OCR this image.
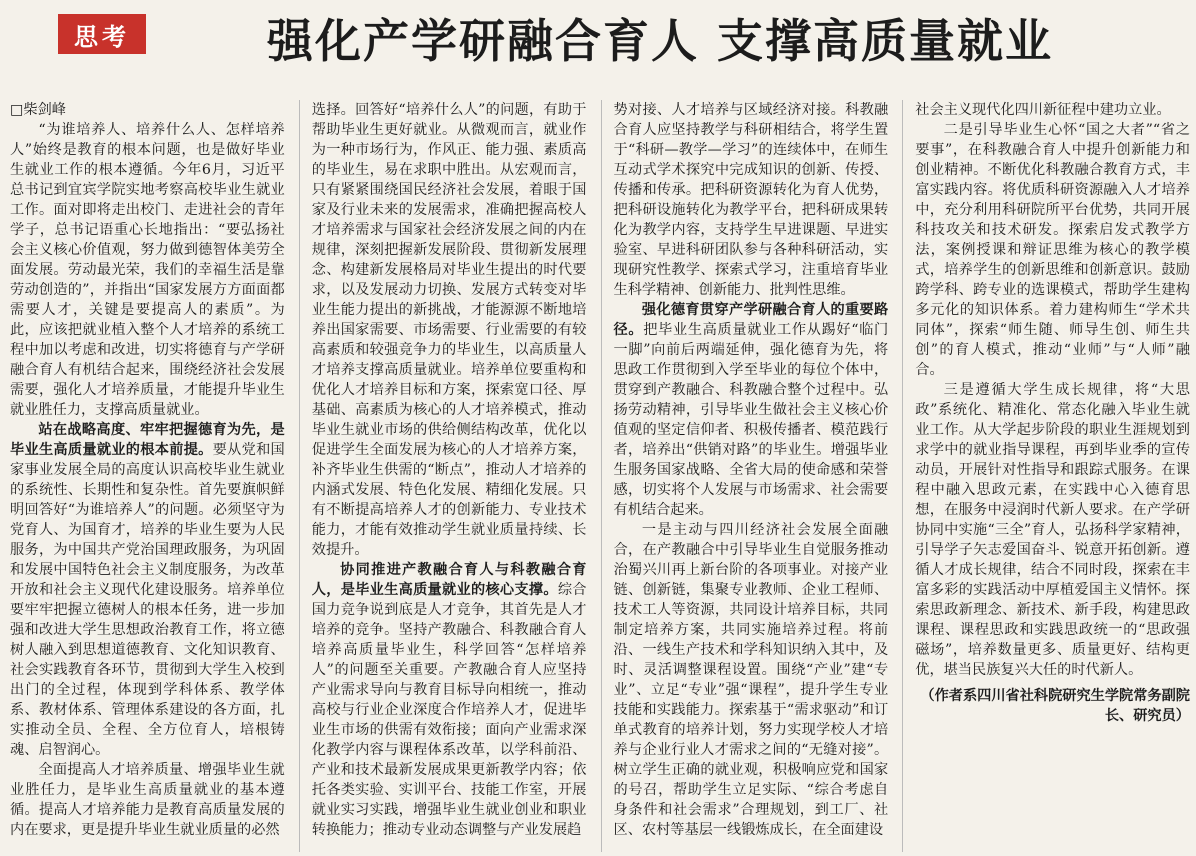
思考	强化产学研融合育人 支撑高质量就业

□柴剑峰

“为谁培养人、培养什么人、怎样培养人”始终是教育的根本问题，也是做好毕业生就业工作的根本遵循。今年6月，习近平总书记到宜宾学院实地考察高校毕业生就业工作。面对即将走出校门、走进社会的青年学子，总书记语重心长地指出：“要弘扬社会主义核心价值观，努力做到德智体美劳全面发展。劳动最光荣，我们的幸福生活是靠劳动创造的”，并指出“国家发展方方面面都需要人才，关键是要提高人的素质”。为此，应该把就业植入整个人才培养的系统工程中加以考虑和改进，切实将德育与产学研融合育人有机结合起来，围绕经济社会发展需要，强化人才培养质量，才能提升毕业生就业胜任力，支撑高质量就业。

站在战略高度、牢牢把握德育为先，是毕业生高质量就业的根本前提。要从党和国家事业发展全局的高度认识高校毕业生就业的系统性、长期性和复杂性。首先要旗帜鲜明回答好“为谁培养人”的问题。必须坚守为党育人、为国育才，培养的毕业生要为人民服务，为中国共产党治国理政服务，为巩固和发展中国特色社会主义制度服务，为改革开放和社会主义现代化建设服务。培养单位要牢牢把握立德树人的根本任务，进一步加强和改进大学生思想政治教育工作，将立德树人融入到思想道德教育、文化知识教育、社会实践教育各环节，贯彻到大学生入校到出门的全过程，体现到学科体系、教学体系、教材体系、管理体系建设的各方面，扎实推动全员、全程、全方位育人，培根铸魂、启智润心。

全面提高人才培养质量、增强毕业生就业胜任力，是毕业生高质量就业的基本遵循。提高人才培养能力是教育高质量发展的内在要求，更是提升毕业生就业质量的必然

选择。回答好“培养什么人”的问题，有助于帮助毕业生更好就业。从微观而言，就业作为一种市场行为，作风正、能力强、素质高的毕业生，易在求职中胜出。从宏观而言，只有紧紧围绕国民经济社会发展，着眼于国家及行业未来的发展需求，准确把握高校人才培养需求与国家社会经济发展之间的内在规律，深刻把握新发展阶段、贯彻新发展理念、构建新发展格局对毕业生提出的时代要求，以及发展动力切换、发展方式转变对毕业生能力提出的新挑战，才能源源不断地培养出国家需要、市场需要、行业需要的有较高素质和较强竞争力的毕业生，以高质量人才培养支撑高质量就业。培养单位要重构和优化人才培养目标和方案，探索宽口径、厚基础、高素质为核心的人才培养模式，推动毕业生就业市场的供给侧结构改革，优化以促进学生全面发展为核心的人才培养方案，补齐毕业生供需的“断点”，推动人才培养的内涵式发展、特色化发展、精细化发展。只有不断提高培养人才的创新能力、专业技术能力，才能有效推动学生就业质量持续、长效提升。

协同推进产教融合育人与科教融合育人，是毕业生高质量就业的核心支撑。综合国力竞争说到底是人才竞争，其首先是人才培养的竞争。坚持产教融合、科教融合育人培养高质量毕业生，科学回答“怎样培养人”的问题至关重要。产教融合育人应坚持产业需求导向与教育目标导向相统一，推动高校与行业企业深度合作培养人才，促进毕业生市场的供需有效衔接；面向产业需求深化教学内容与课程体系改革，以学科前沿、产业和技术最新发展成果更新教学内容；依托各类实验、实训平台、技能工作室，开展就业实习实践，增强毕业生就业创业和职业转换能力；推动专业动态调整与产业发展趋

势对接、人才培养与区域经济对接。科教融合育人应坚持教学与科研相结合，将学生置于“科研—教学—学习”的连续体中，在师生互动式学术探究中完成知识的创新、传授、传播和传承。把科研资源转化为育人优势，把科研设施转化为教学平台，把科研成果转化为教学内容，支持学生早进课题、早进实验室、早进科研团队参与各种科研活动，实现研究性教学、探索式学习，注重培育毕业生科学精神、创新能力、批判性思维。

强化德育贯穿产学研融合育人的重要路径。把毕业生高质量就业工作从踢好“临门一脚”向前后两端延伸，强化德育为先，将思政工作贯彻到入学至毕业的每位个体中，贯穿到产教融合、科教融合整个过程中。弘扬劳动精神，引导毕业生做社会主义核心价值观的坚定信仰者、积极传播者、模范践行者，培养出“供销对路”的毕业生。增强毕业生服务国家战略、全省大局的使命感和荣誉感，切实将个人发展与市场需求、社会需要有机结合起来。

一是主动与四川经济社会发展全面融合，在产教融合中引导毕业生自觉服务推动治蜀兴川再上新台阶的各项事业。对接产业链、创新链，集聚专业教师、企业工程师、技术工人等资源，共同设计培养目标，共同制定培养方案，共同实施培养过程。将前沿、一线生产技术和学科知识纳入其中，及时、灵活调整课程设置。围绕“产业”建“专业”、立足“专业”强“课程”，提升学生专业技能和实践能力。探索基于“需求驱动”和订单式教育的培养计划，努力实现学校人才培养与企业行业人才需求之间的“无缝对接”。树立学生正确的就业观，积极响应党和国家的号召，帮助学生立足实际、“综合考虑自身条件和社会需求”合理规划，到工厂、社区、农村等基层一线锻炼成长，在全面建设

社会主义现代化四川新征程中建功立业。

二是引导毕业生心怀“国之大者”“省之要事”，在科教融合育人中提升创新能力和创业精神。不断优化科教融合教育方式，丰富实践内容。将优质科研资源融入人才培养中，充分利用科研院所平台优势，共同开展科技攻关和技术研发。探索启发式教学方法，案例授课和辩证思维为核心的教学模式，培养学生的创新思维和创新意识。鼓励跨学科、跨专业的选课模式，帮助学生建构多元化的知识体系。着力建构师生“学术共同体”，探索“师生随、师导生创、师生共创”的育人模式，推动“业师”与“人师”融合。

三是遵循大学生成长规律，将“大思政”系统化、精准化、常态化融入毕业生就业工作。从大学起步阶段的职业生涯规划到求学中的就业指导课程，再到毕业季的宣传动员，开展针对性指导和跟踪式服务。在课程中融入思政元素，在实践中心入德育思想，在服务中浸润时代新人要求。在产学研协同中实施“三全”育人，弘扬科学家精神，引导学子矢志爱国奋斗、锐意开拓创新。遵循人才成长规律，结合不同时段，探索在丰富多彩的实践活动中厚植爱国主义情怀。探索思政新理念、新技术、新手段，构建思政课程、课程思政和实践思政统一的“思政强磁场”，培养数量更多、质量更好、结构更优，堪当民族复兴大任的时代新人。

（作者系四川省社科院研究生学院常务副院长、研究员）
